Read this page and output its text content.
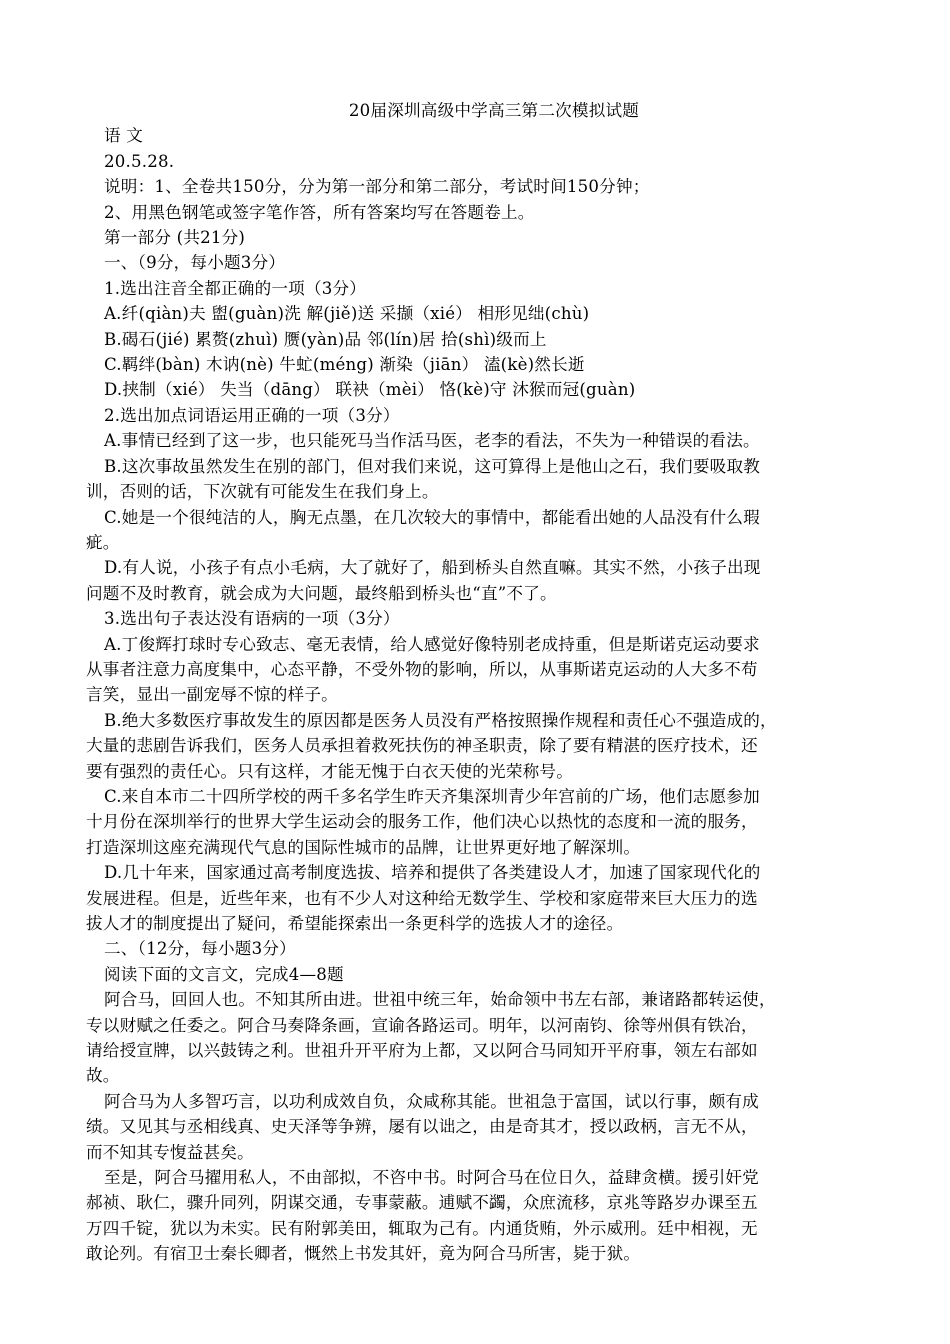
20届深圳高级中学高三第二次模拟试题
语 文
20.5.28.
说明：1、全卷共150分，分为第一部分和第二部分，考试时间150分钟；
2、用黑色钢笔或签字笔作答，所有答案均写在答题卷上。
第一部分 (共21分)
一、（9分，每小题3分）
1.选出注音全都正确的一项（3分）
A.纤(qiàn)夫 盥(guàn)洗 解(jiě)送 采撷（xié） 相形见绌(chù)
B.碣石(jié) 累赘(zhuì) 赝(yàn)品 邻(lín)居 拾(shì)级而上
C.羁绊(bàn) 木讷(nè) 牛虻(méng) 渐染（jiān） 溘(kè)然长逝
D.挟制（xié） 失当（dāng） 联袂（mèi） 恪(kè)守 沐猴而冠(guàn)
2.选出加点词语运用正确的一项（3分）
A.事情已经到了这一步，也只能死马当作活马医，老李的看法，不失为一种错误的看法。
B.这次事故虽然发生在别的部门，但对我们来说，这可算得上是他山之石，我们要吸取教
训，否则的话，下次就有可能发生在我们身上。
C.她是一个很纯洁的人，胸无点墨，在几次较大的事情中，都能看出她的人品没有什么瑕
疵。
D.有人说，小孩子有点小毛病，大了就好了，船到桥头自然直嘛。其实不然，小孩子出现
问题不及时教育，就会成为大问题，最终船到桥头也“直”不了。
3.选出句子表达没有语病的一项（3分）
A.丁俊辉打球时专心致志、毫无表情，给人感觉好像特别老成持重，但是斯诺克运动要求
从事者注意力高度集中，心态平静，不受外物的影响，所以，从事斯诺克运动的人大多不苟
言笑，显出一副宠辱不惊的样子。
B.绝大多数医疗事故发生的原因都是医务人员没有严格按照操作规程和责任心不强造成的，
大量的悲剧告诉我们，医务人员承担着救死扶伤的神圣职责，除了要有精湛的医疗技术，还
要有强烈的责任心。只有这样，才能无愧于白衣天使的光荣称号。
C.来自本市二十四所学校的两千多名学生昨天齐集深圳青少年宫前的广场，他们志愿参加
十月份在深圳举行的世界大学生运动会的服务工作，他们决心以热忱的态度和一流的服务，
打造深圳这座充满现代气息的国际性城市的品牌，让世界更好地了解深圳。
D.几十年来，国家通过高考制度选拔、培养和提供了各类建设人才，加速了国家现代化的
发展进程。但是，近些年来，也有不少人对这种给无数学生、学校和家庭带来巨大压力的选
拔人才的制度提出了疑问，希望能探索出一条更科学的选拔人才的途径。
二、（12分，每小题3分）
阅读下面的文言文，完成4—8题
阿合马，回回人也。不知其所由进。世祖中统三年，始命领中书左右部，兼诸路都转运使，
专以财赋之任委之。阿合马奏降条画，宣谕各路运司。明年，以河南钧、徐等州俱有铁冶，
请给授宣牌，以兴鼓铸之利。世祖升开平府为上都，又以阿合马同知开平府事，领左右部如
故。
阿合马为人多智巧言，以功利成效自负，众咸称其能。世祖急于富国，试以行事，颇有成
绩。又见其与丞相线真、史天泽等争辨，屡有以诎之，由是奇其才，授以政柄，言无不从，
而不知其专愎益甚矣。
至是，阿合马擢用私人，不由部拟，不咨中书。时阿合马在位日久，益肆贪横。援引奸党
郝祯、耿仁，骤升同列，阴谋交通，专事蒙蔽。逋赋不蠲，众庶流移，京兆等路岁办课至五
万四千锭，犹以为未实。民有附郭美田，辄取为己有。内通货贿，外示威刑。廷中相视，无
敢论列。有宿卫士秦长卿者，慨然上书发其奸，竟为阿合马所害，毙于狱。
